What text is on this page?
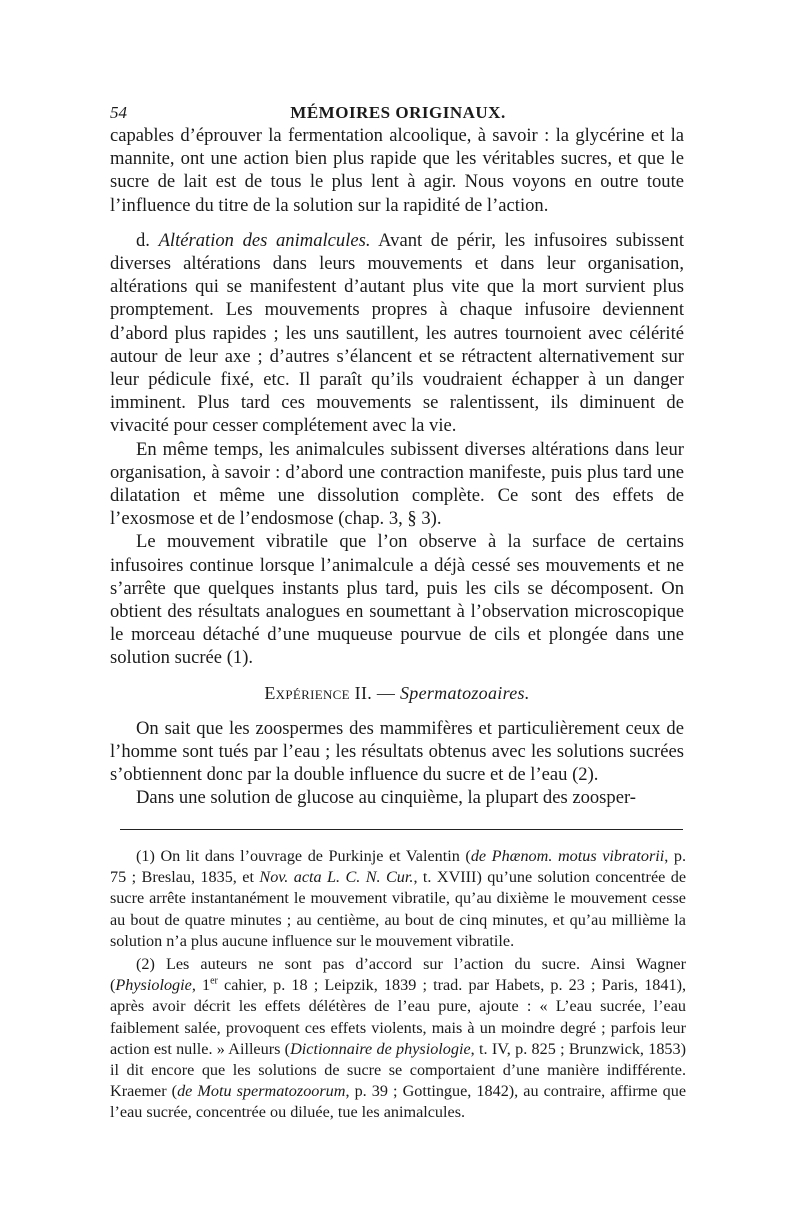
54	MÉMOIRES ORIGINAUX.

capables d’éprouver la fermentation alcoolique, à savoir : la glycérine et la mannite, ont une action bien plus rapide que les véritables sucres, et que le sucre de lait est de tous le plus lent à agir. Nous voyons en outre toute l’influence du titre de la solution sur la rapidité de l’action.

d. Altération des animalcules. Avant de périr, les infusoires subissent diverses altérations dans leurs mouvements et dans leur organisation, altérations qui se manifestent d’autant plus vite que la mort survient plus promptement. Les mouvements propres à chaque infusoire deviennent d’abord plus rapides ; les uns sautillent, les autres tournoient avec célérité autour de leur axe ; d’autres s’élancent et se rétractent alternativement sur leur pédicule fixé, etc. Il paraît qu’ils voudraient échapper à un danger imminent. Plus tard ces mouvements se ralentissent, ils diminuent de vivacité pour cesser complétement avec la vie.

En même temps, les animalcules subissent diverses altérations dans leur organisation, à savoir : d’abord une contraction manifeste, puis plus tard une dilatation et même une dissolution complète. Ce sont des effets de l’exosmose et de l’endosmose (chap. 3, § 3).

Le mouvement vibratile que l’on observe à la surface de certains infusoires continue lorsque l’animalcule a déjà cessé ses mouvements et ne s’arrête que quelques instants plus tard, puis les cils se décomposent. On obtient des résultats analogues en soumettant à l’observation microscopique le morceau détaché d’une muqueuse pourvue de cils et plongée dans une solution sucrée (1).

Expérience II. — Spermatozoaires.

On sait que les zoospermes des mammifères et particulièrement ceux de l’homme sont tués par l’eau ; les résultats obtenus avec les solutions sucrées s’obtiennent donc par la double influence du sucre et de l’eau (2).

Dans une solution de glucose au cinquième, la plupart des zoosper-

(1) On lit dans l’ouvrage de Purkinje et Valentin (de Phænom. motus vibratorii, p. 75 ; Breslau, 1835, et Nov. acta L. C. N. Cur., t. XVIII) qu’une solution concentrée de sucre arrête instantanément le mouvement vibratile, qu’au dixième le mouvement cesse au bout de quatre minutes ; au centième, au bout de cinq minutes, et qu’au millième la solution n’a plus aucune influence sur le mouvement vibratile.

(2) Les auteurs ne sont pas d’accord sur l’action du sucre. Ainsi Wagner (Physiologie, 1er cahier, p. 18 ; Leipzik, 1839 ; trad. par Habets, p. 23 ; Paris, 1841), après avoir décrit les effets délétères de l’eau pure, ajoute : « L’eau sucrée, l’eau faiblement salée, provoquent ces effets violents, mais à un moindre degré ; parfois leur action est nulle. » Ailleurs (Dictionnaire de physiologie, t. IV, p. 825 ; Brunzwick, 1853) il dit encore que les solutions de sucre se comportaient d’une manière indifférente. Kraemer (de Motu spermatozoorum, p. 39 ; Gottingue, 1842), au contraire, affirme que l’eau sucrée, concentrée ou diluée, tue les animalcules.
